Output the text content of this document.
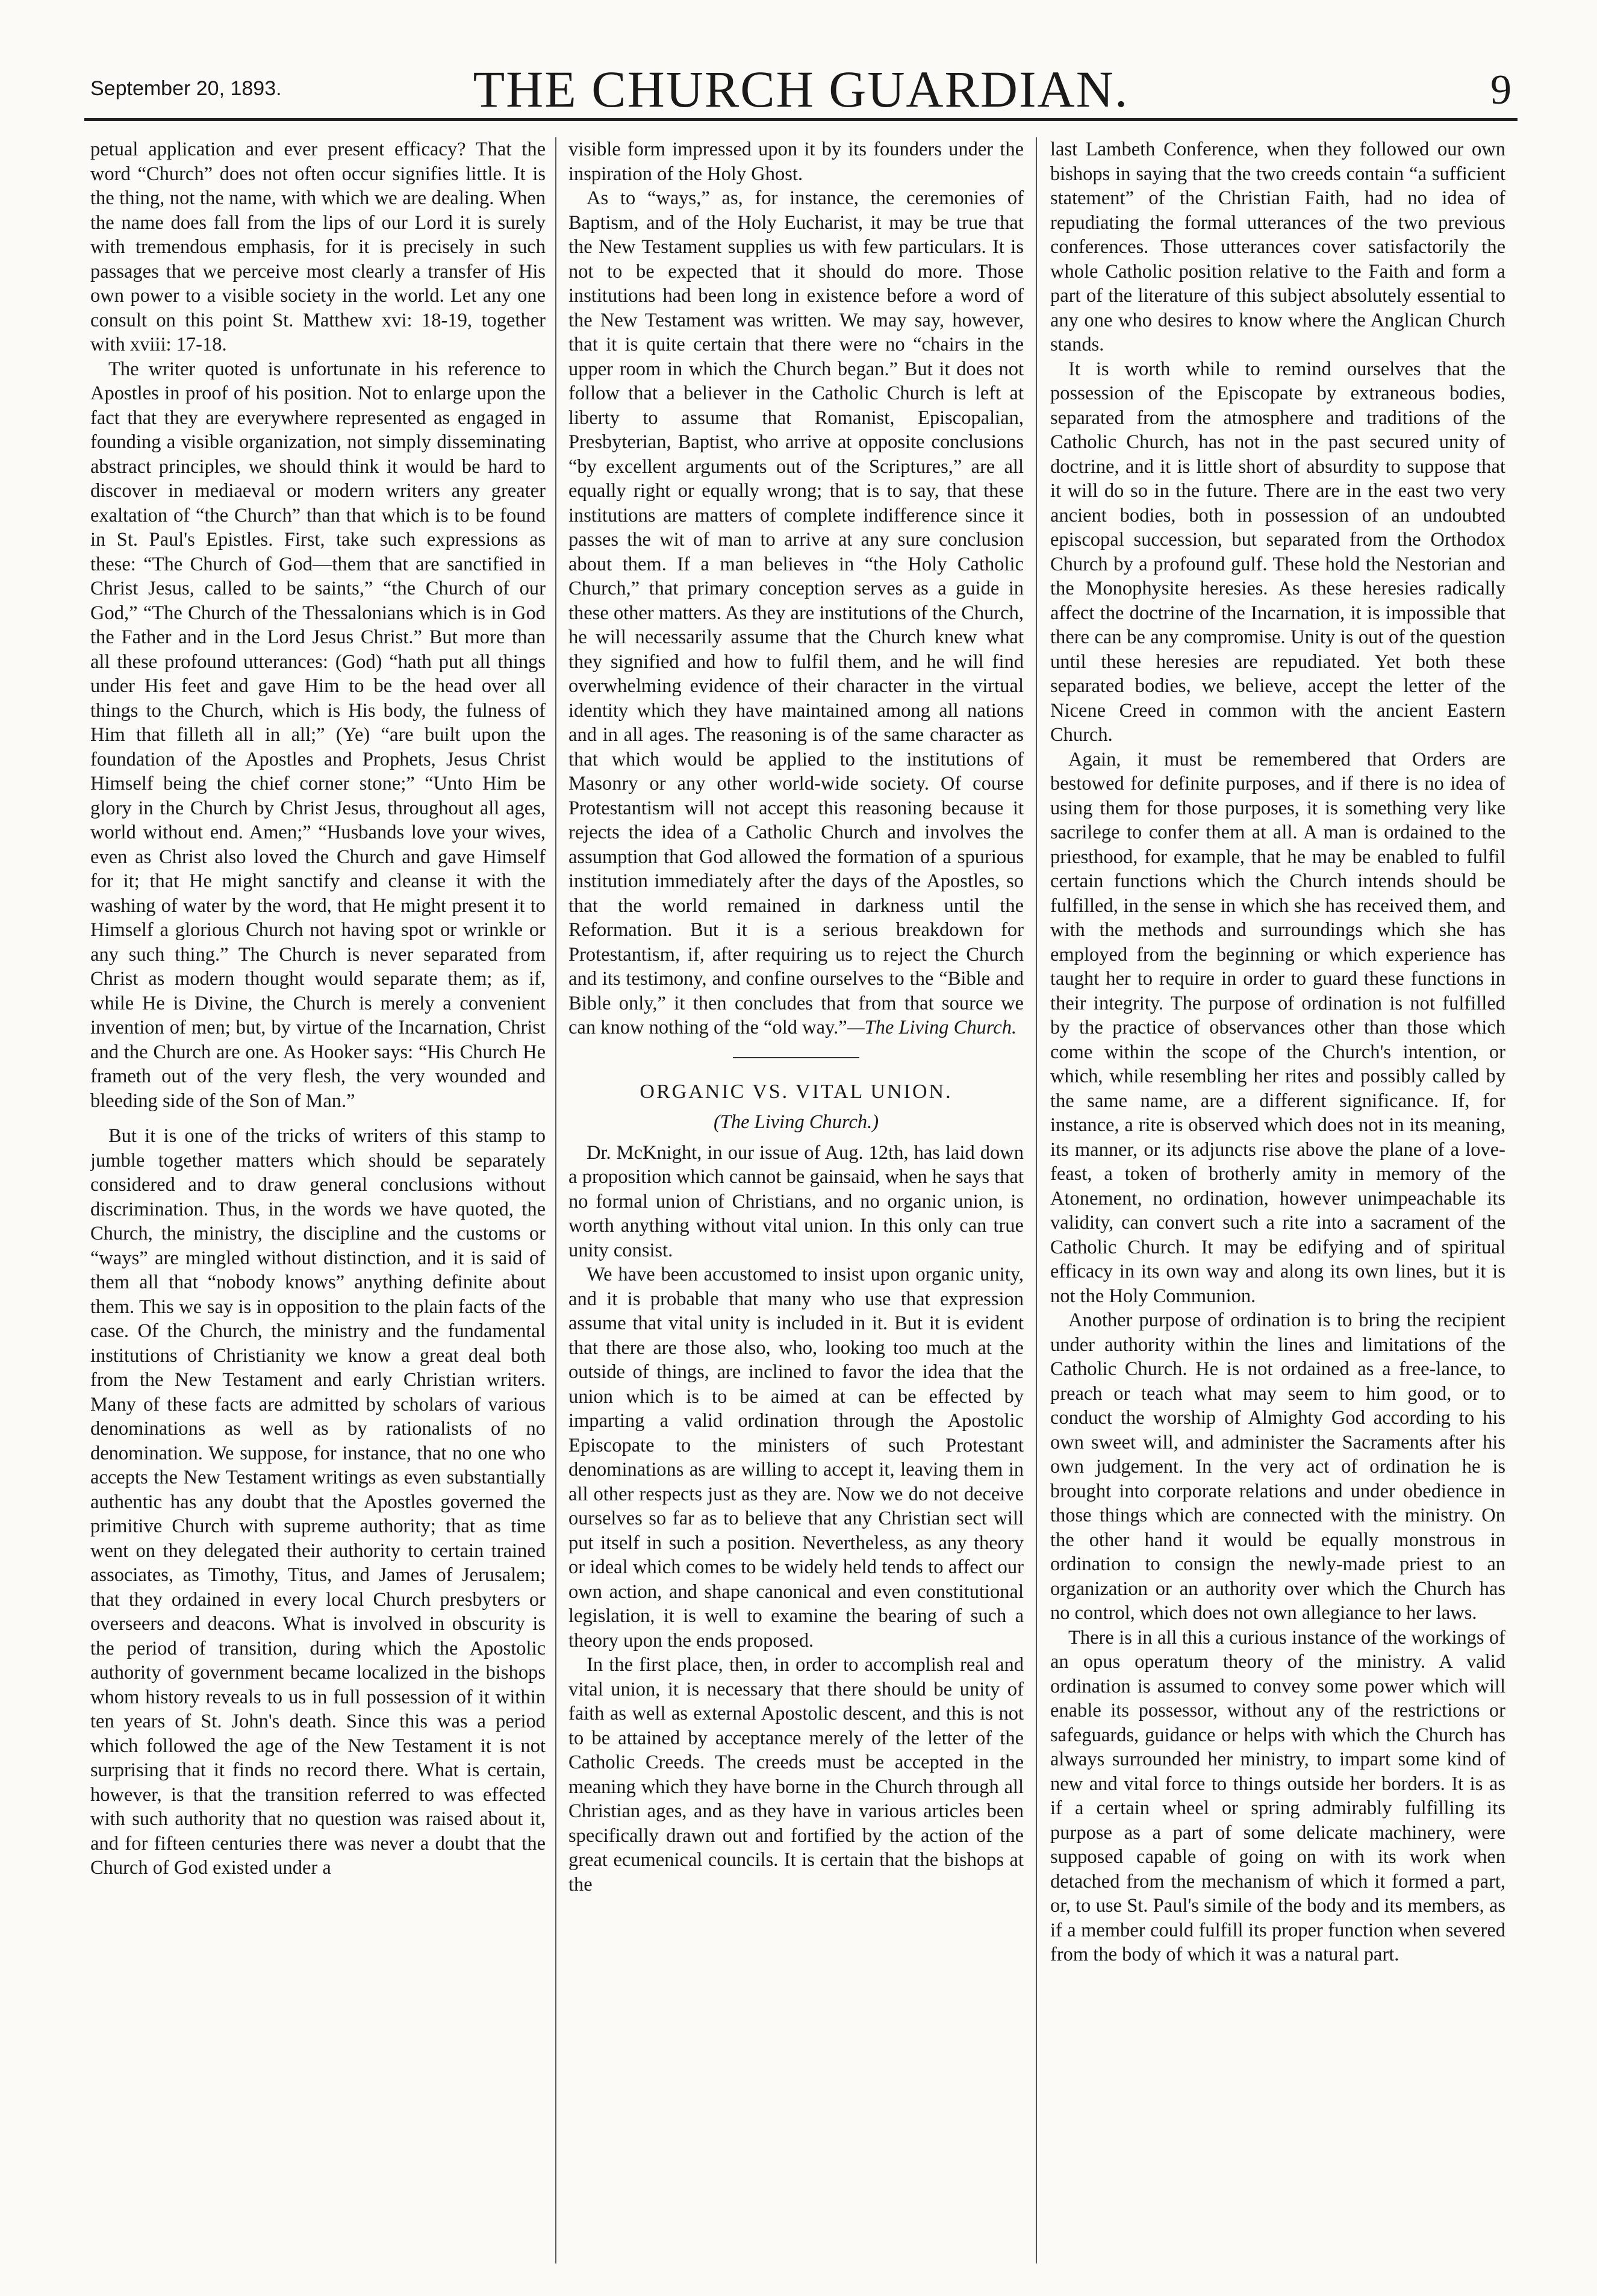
September 20, 1893.	THE CHURCH GUARDIAN.	9

petual application and ever present efficacy? That the word “Church” does not often occur signifies little. It is the thing, not the name, with which we are dealing. When the name does fall from the lips of our Lord it is surely with tremendous emphasis, for it is precisely in such passages that we perceive most clearly a transfer of His own power to a visible society in the world. Let any one consult on this point St. Matthew xvi: 18-19, together with xviii: 17-18.

The writer quoted is unfortunate in his reference to Apostles in proof of his position. Not to enlarge upon the fact that they are everywhere represented as engaged in founding a visible organization, not simply disseminating abstract principles, we should think it would be hard to discover in mediaeval or modern writers any greater exaltation of “the Church” than that which is to be found in St. Paul's Epistles. First, take such expressions as these: “The Church of God—them that are sanctified in Christ Jesus, called to be saints,” “the Church of our God,” “The Church of the Thessalonians which is in God the Father and in the Lord Jesus Christ.” But more than all these profound utterances: (God) “hath put all things under His feet and gave Him to be the head over all things to the Church, which is His body, the fulness of Him that filleth all in all;” (Ye) “are built upon the foundation of the Apostles and Prophets, Jesus Christ Himself being the chief corner stone;” “Unto Him be glory in the Church by Christ Jesus, throughout all ages, world without end. Amen;” “Husbands love your wives, even as Christ also loved the Church and gave Himself for it; that He might sanctify and cleanse it with the washing of water by the word, that He might present it to Himself a glorious Church not having spot or wrinkle or any such thing.” The Church is never separated from Christ as modern thought would separate them; as if, while He is Divine, the Church is merely a convenient invention of men; but, by virtue of the Incarnation, Christ and the Church are one. As Hooker says: “His Church He frameth out of the very flesh, the very wounded and bleeding side of the Son of Man.”

But it is one of the tricks of writers of this stamp to jumble together matters which should be separately considered and to draw general conclusions without discrimination. Thus, in the words we have quoted, the Church, the ministry, the discipline and the customs or “ways” are mingled without distinction, and it is said of them all that “nobody knows” anything definite about them. This we say is in opposition to the plain facts of the case. Of the Church, the ministry and the fundamental institutions of Christianity we know a great deal both from the New Testament and early Christian writers. Many of these facts are admitted by scholars of various denominations as well as by rationalists of no denomination. We suppose, for instance, that no one who accepts the New Testament writings as even substantially authentic has any doubt that the Apostles governed the primitive Church with supreme authority; that as time went on they delegated their authority to certain trained associates, as Timothy, Titus, and James of Jerusalem; that they ordained in every local Church presbyters or overseers and deacons. What is involved in obscurity is the period of transition, during which the Apostolic authority of government became localized in the bishops whom history reveals to us in full possession of it within ten years of St. John's death. Since this was a period which followed the age of the New Testament it is not surprising that it finds no record there. What is certain, however, is that the transition referred to was effected with such authority that no question was raised about it, and for fifteen centuries there was never a doubt that the Church of God existed under a

visible form impressed upon it by its founders under the inspiration of the Holy Ghost.

As to “ways,” as, for instance, the ceremonies of Baptism, and of the Holy Eucharist, it may be true that the New Testament supplies us with few particulars. It is not to be expected that it should do more. Those institutions had been long in existence before a word of the New Testament was written. We may say, however, that it is quite certain that there were no “chairs in the upper room in which the Church began.” But it does not follow that a believer in the Catholic Church is left at liberty to assume that Romanist, Episcopalian, Presbyterian, Baptist, who arrive at opposite conclusions “by excellent arguments out of the Scriptures,” are all equally right or equally wrong; that is to say, that these institutions are matters of complete indifference since it passes the wit of man to arrive at any sure conclusion about them. If a man believes in “the Holy Catholic Church,” that primary conception serves as a guide in these other matters. As they are institutions of the Church, he will necessarily assume that the Church knew what they signified and how to fulfil them, and he will find overwhelming evidence of their character in the virtual identity which they have maintained among all nations and in all ages. The reasoning is of the same character as that which would be applied to the institutions of Masonry or any other world-wide society. Of course Protestantism will not accept this reasoning because it rejects the idea of a Catholic Church and involves the assumption that God allowed the formation of a spurious institution immediately after the days of the Apostles, so that the world remained in darkness until the Reformation. But it is a serious breakdown for Protestantism, if, after requiring us to reject the Church and its testimony, and confine ourselves to the “Bible and Bible only,” it then concludes that from that source we can know nothing of the “old way.”—The Living Church.

ORGANIC VS. VITAL UNION.

(The Living Church.)

Dr. McKnight, in our issue of Aug. 12th, has laid down a proposition which cannot be gainsaid, when he says that no formal union of Christians, and no organic union, is worth anything without vital union. In this only can true unity consist.

We have been accustomed to insist upon organic unity, and it is probable that many who use that expression assume that vital unity is included in it. But it is evident that there are those also, who, looking too much at the outside of things, are inclined to favor the idea that the union which is to be aimed at can be effected by imparting a valid ordination through the Apostolic Episcopate to the ministers of such Protestant denominations as are willing to accept it, leaving them in all other respects just as they are. Now we do not deceive ourselves so far as to believe that any Christian sect will put itself in such a position. Nevertheless, as any theory or ideal which comes to be widely held tends to affect our own action, and shape canonical and even constitutional legislation, it is well to examine the bearing of such a theory upon the ends proposed.

In the first place, then, in order to accomplish real and vital union, it is necessary that there should be unity of faith as well as external Apostolic descent, and this is not to be attained by acceptance merely of the letter of the Catholic Creeds. The creeds must be accepted in the meaning which they have borne in the Church through all Christian ages, and as they have in various articles been specifically drawn out and fortified by the action of the great ecumenical councils. It is certain that the bishops at the

last Lambeth Conference, when they followed our own bishops in saying that the two creeds contain “a sufficient statement” of the Christian Faith, had no idea of repudiating the formal utterances of the two previous conferences. Those utterances cover satisfactorily the whole Catholic position relative to the Faith and form a part of the literature of this subject absolutely essential to any one who desires to know where the Anglican Church stands.

It is worth while to remind ourselves that the possession of the Episcopate by extraneous bodies, separated from the atmosphere and traditions of the Catholic Church, has not in the past secured unity of doctrine, and it is little short of absurdity to suppose that it will do so in the future. There are in the east two very ancient bodies, both in possession of an undoubted episcopal succession, but separated from the Orthodox Church by a profound gulf. These hold the Nestorian and the Monophysite heresies. As these heresies radically affect the doctrine of the Incarnation, it is impossible that there can be any compromise. Unity is out of the question until these heresies are repudiated. Yet both these separated bodies, we believe, accept the letter of the Nicene Creed in common with the ancient Eastern Church.

Again, it must be remembered that Orders are bestowed for definite purposes, and if there is no idea of using them for those purposes, it is something very like sacrilege to confer them at all. A man is ordained to the priesthood, for example, that he may be enabled to fulfil certain functions which the Church intends should be fulfilled, in the sense in which she has received them, and with the methods and surroundings which she has employed from the beginning or which experience has taught her to require in order to guard these functions in their integrity. The purpose of ordination is not fulfilled by the practice of observances other than those which come within the scope of the Church's intention, or which, while resembling her rites and possibly called by the same name, are a different significance. If, for instance, a rite is observed which does not in its meaning, its manner, or its adjuncts rise above the plane of a love-feast, a token of brotherly amity in memory of the Atonement, no ordination, however unimpeachable its validity, can convert such a rite into a sacrament of the Catholic Church. It may be edifying and of spiritual efficacy in its own way and along its own lines, but it is not the Holy Communion.

Another purpose of ordination is to bring the recipient under authority within the lines and limitations of the Catholic Church. He is not ordained as a free-lance, to preach or teach what may seem to him good, or to conduct the worship of Almighty God according to his own sweet will, and administer the Sacraments after his own judgement. In the very act of ordination he is brought into corporate relations and under obedience in those things which are connected with the ministry. On the other hand it would be equally monstrous in ordination to consign the newly-made priest to an organization or an authority over which the Church has no control, which does not own allegiance to her laws.

There is in all this a curious instance of the workings of an opus operatum theory of the ministry. A valid ordination is assumed to convey some power which will enable its possessor, without any of the restrictions or safeguards, guidance or helps with which the Church has always surrounded her ministry, to impart some kind of new and vital force to things outside her borders. It is as if a certain wheel or spring admirably fulfilling its purpose as a part of some delicate machinery, were supposed capable of going on with its work when detached from the mechanism of which it formed a part, or, to use St. Paul's simile of the body and its members, as if a member could fulfill its proper function when severed from the body of which it was a natural part.
